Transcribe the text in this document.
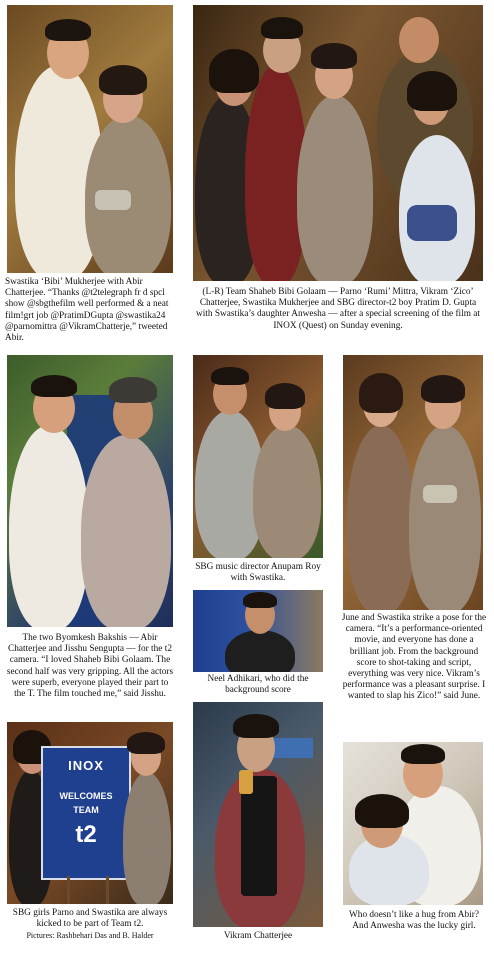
Swastika ‘Bibi’ Mukherjee with Abir Chatterjee. “Thanks @t2telegraph fr d spcl show @sbgthefilm well performed & a neat film!grt job @PratimDGupta @swastika24 @parnomittra @VikramChatterje,” tweeted Abir.
(L-R) Team Shaheb Bibi Golaam — Parno ‘Rumi’ Mittra, Vikram ‘Zico’ Chatterjee, Swastika Mukherjee and SBG director-t2 boy Pratim D. Gupta with Swastika’s daughter Anwesha — after a special screening of the film at INOX (Quest) on Sunday evening.
The two Byomkesh Bakshis — Abir Chatterjee and Jisshu Sengupta — for the t2 camera. “I loved Shaheb Bibi Golaam. The second half was very gripping. All the actors were superb, everyone played their part to the T. The film touched me,” said Jisshu.
SBG music director Anupam Roy with Swastika.
Neel Adhikari, who did the background score
June and Swastika strike a pose for the camera. “It’s a performance-oriented movie, and everyone has done a brilliant job. From the background score to shot-taking and script, everything was very nice. Vikram’s performance was a pleasant surprise. I wanted to slap his Zico!” said June.
INOX
WELCOMES
TEAM
t2
SBG girls Parno and Swastika are always kicked to be part of Team t2.
Pictures: Rashbehari Das and B. Halder	Vikram Chatterjee
Who doesn’t like a hug from Abir? And Anwesha was the lucky girl.
